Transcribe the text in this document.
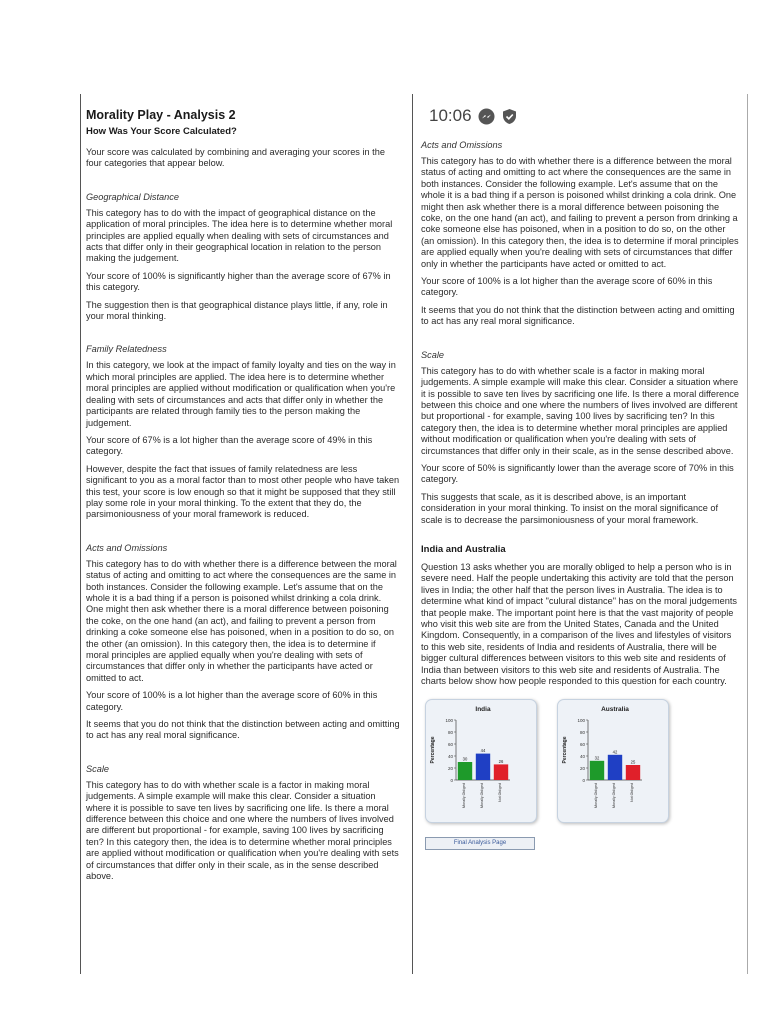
Morality Play - Analysis 2
How Was Your Score Calculated?

Your score was calculated by combining and averaging your scores in the four categories that appear below.

Geographical Distance

This category has to do with the impact of geographical distance on the application of moral principles. The idea here is to determine whether moral principles are applied equally when dealing with sets of circumstances and acts that differ only in their geographical location in relation to the person making the judgement.

Your score of 100% is significantly higher than the average score of 67% in this category.

The suggestion then is that geographical distance plays little, if any, role in your moral thinking.

Family Relatedness

In this category, we look at the impact of family loyalty and ties on the way in which moral principles are applied. The idea here is to determine whether moral principles are applied without modification or qualification when you're dealing with sets of circumstances and acts that differ only in whether the participants are related through family ties to the person making the judgement.

Your score of 67% is a lot higher than the average score of 49% in this category.

However, despite the fact that issues of family relatedness are less significant to you as a moral factor than to most other people who have taken this test, your score is low enough so that it might be supposed that they still play some role in your moral thinking. To the extent that they do, the parsimoniousness of your moral framework is reduced.

Acts and Omissions

This category has to do with whether there is a difference between the moral status of acting and omitting to act where the consequences are the same in both instances. Consider the following example. Let's assume that on the whole it is a bad thing if a person is poisoned whilst drinking a cola drink. One might then ask whether there is a moral difference between poisoning the coke, on the one hand (an act), and failing to prevent a person from drinking a coke someone else has poisoned, when in a position to do so, on the other (an omission). In this category then, the idea is to determine if moral principles are applied equally when you're dealing with sets of circumstances that differ only in whether the participants have acted or omitted to act.

Your score of 100% is a lot higher than the average score of 60% in this category.

It seems that you do not think that the distinction between acting and omitting to act has any real moral significance.

Scale

This category has to do with whether scale is a factor in making moral judgements. A simple example will make this clear. Consider a situation where it is possible to save ten lives by sacrificing one life. Is there a moral difference between this choice and one where the numbers of lives involved are different but proportional - for example, saving 100 lives by sacrificing ten? In this category then, the idea is to determine whether moral principles are applied without modification or qualification when you're dealing with sets of circumstances that differ only in their scale, as in the sense described above.

10:06
Acts and Omissions

This category has to do with whether there is a difference between the moral status of acting and omitting to act where the consequences are the same in both instances. Consider the following example. Let's assume that on the whole it is a bad thing if a person is poisoned whilst drinking a cola drink. One might then ask whether there is a moral difference between poisoning the coke, on the one hand (an act), and failing to prevent a person from drinking a coke someone else has poisoned, when in a position to do so, on the other (an omission). In this category then, the idea is to determine if moral principles are applied equally when you're dealing with sets of circumstances that differ only in whether the participants have acted or omitted to act.

Your score of 100% is a lot higher than the average score of 60% in this category.

It seems that you do not think that the distinction between acting and omitting to act has any real moral significance.

Scale

This category has to do with whether scale is a factor in making moral judgements. A simple example will make this clear. Consider a situation where it is possible to save ten lives by sacrificing one life. Is there a moral difference between this choice and one where the numbers of lives involved are different but proportional - for example, saving 100 lives by sacrificing ten? In this category then, the idea is to determine whether moral principles are applied without modification or qualification when you're dealing with sets of circumstances that differ only in their scale, as in the sense described above.

Your score of 50% is significantly lower than the average score of 70% in this category.

This suggests that scale, as it is described above, is an important consideration in your moral thinking. To insist on the moral significance of scale is to decrease the parsimoniousness of your moral framework.

India and Australia

Question 13 asks whether you are morally obliged to help a person who is in severe need. Half the people undertaking this activity are told that the person lives in India; the other half that the person lives in Australia. The idea is to determine what kind of impact "culural distance" has on the moral judgements that people make. The important point here is that the vast majority of people who visit this web site are from the United States, Canada and the United Kingdom. Consequently, in a comparison of the lives and lifestyles of visitors to this web site, residents of India and residents of Australia, there will be bigger cultural differences between visitors to this web site and residents of India than between visitors to this web site and residents of Australia. The charts below show how people responded to this question for each country.

India
Percentage
0
20
40
60
80
100
30
Morally Obliged
44
Morally Obliged
26
Not Obliged
Australia
Percentage
0
20
40
60
80
100
32
Morally Obliged
42
Morally Obliged
25
Not Obliged
Final Analysis Page
